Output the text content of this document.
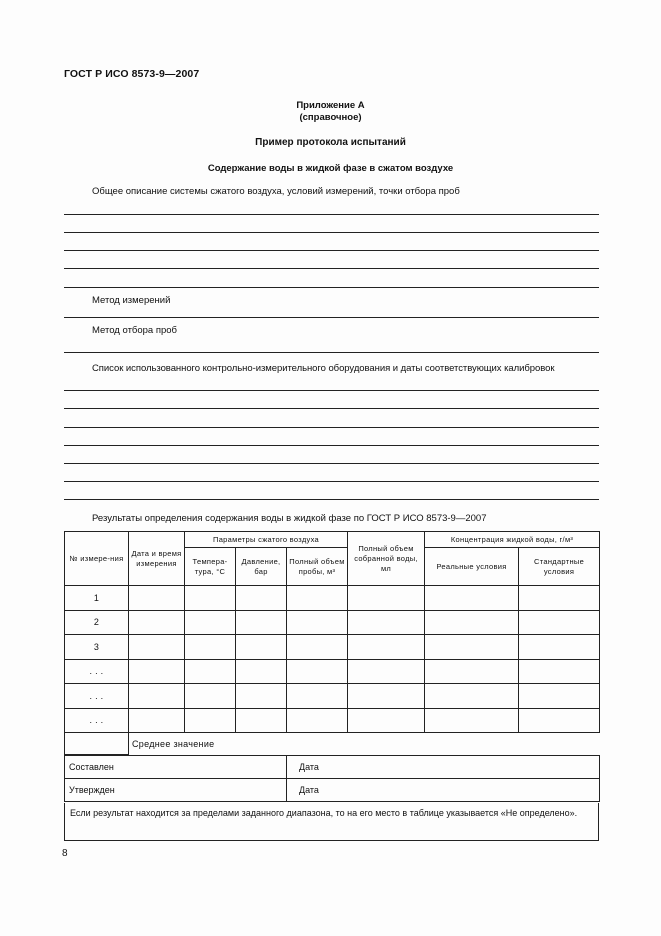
ГОСТ Р ИСО 8573-9—2007
Приложение А
(справочное)
Пример протокола испытаний
Содержание воды в жидкой фазе в сжатом воздухе
Общее описание системы сжатого воздуха, условий измерений, точки отбора проб
Метод измерений
Метод отбора проб
Список использованного контрольно-измерительного оборудования и даты соответствующих калибровок
Результаты определения содержания воды в жидкой фазе по ГОСТ Р ИСО 8573-9—2007
№ измере-ния	Дата и время измерения	Параметры сжатого воздуха			Полный объем собранной воды, мл	Концентрация жидкой воды, г/м³	
		Темпера-тура, °С	Давление, бар	Полный объем пробы, м³		Реальные условия	Стандартные условия
1							
2							
3							
. . .							
. . .							
. . .							
	Среднее значение						
Составлен	Дата
Утвержден	Дата
Если результат находится за пределами заданного диапазона, то на его место в таблице указывается «Не определено».
8
